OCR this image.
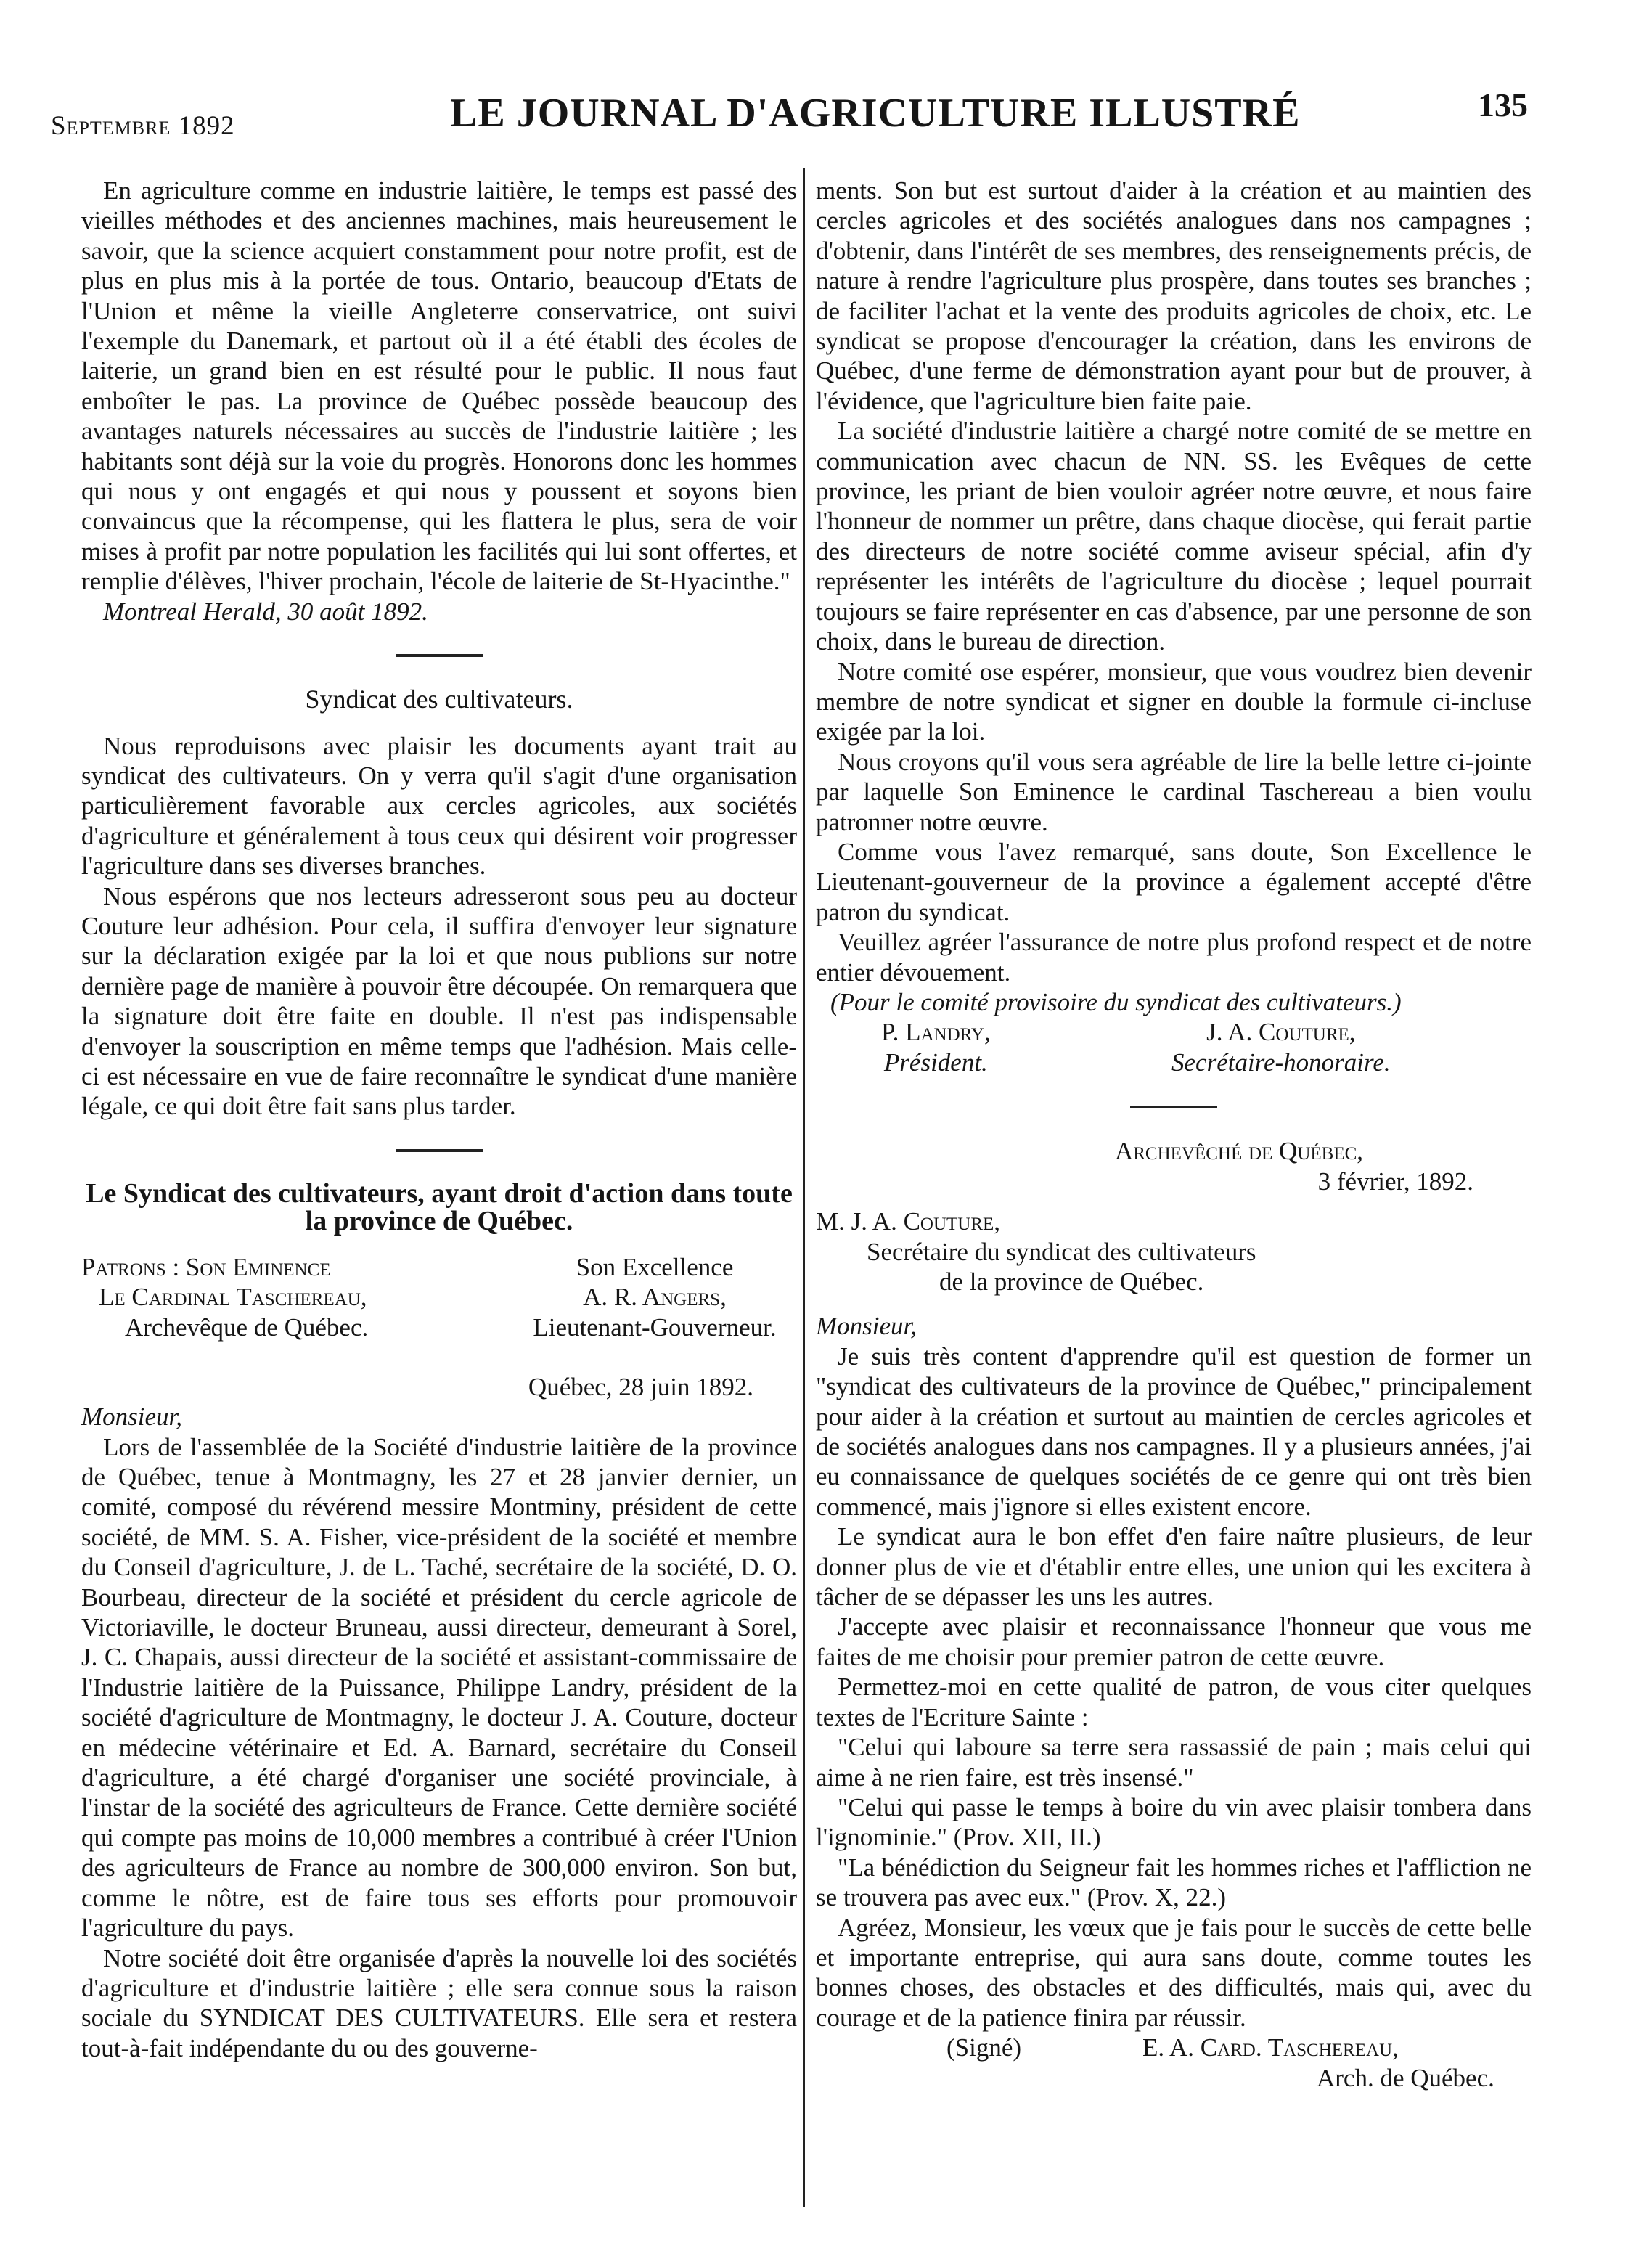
Septembre 1892	LE JOURNAL D'AGRICULTURE ILLUSTRÉ	135

En agriculture comme en industrie laitière, le temps est passé des vieilles méthodes et des anciennes machines, mais heureusement le savoir, que la science acquiert constamment pour notre profit, est de plus en plus mis à la portée de tous. Ontario, beaucoup d'Etats de l'Union et même la vieille Angleterre conservatrice, ont suivi l'exemple du Danemark, et partout où il a été établi des écoles de laiterie, un grand bien en est résulté pour le public. Il nous faut emboîter le pas. La province de Québec possède beaucoup des avantages naturels nécessaires au succès de l'industrie laitière ; les habitants sont déjà sur la voie du progrès. Honorons donc les hommes qui nous y ont engagés et qui nous y poussent et soyons bien convaincus que la récompense, qui les flattera le plus, sera de voir mises à profit par notre population les facilités qui lui sont offertes, et remplie d'élèves, l'hiver prochain, l'école de laiterie de St-Hyacinthe."

Montreal Herald, 30 août 1892.

Syndicat des cultivateurs.

Nous reproduisons avec plaisir les documents ayant trait au syndicat des cultivateurs. On y verra qu'il s'agit d'une organisation particulièrement favorable aux cercles agricoles, aux sociétés d'agriculture et généralement à tous ceux qui désirent voir progresser l'agriculture dans ses diverses branches.

Nous espérons que nos lecteurs adresseront sous peu au docteur Couture leur adhésion. Pour cela, il suffira d'envoyer leur signature sur la déclaration exigée par la loi et que nous publions sur notre dernière page de manière à pouvoir être découpée. On remarquera que la signature doit être faite en double. Il n'est pas indispensable d'envoyer la souscription en même temps que l'adhésion. Mais celle-ci est nécessaire en vue de faire reconnaître le syndicat d'une manière légale, ce qui doit être fait sans plus tarder.

Le Syndicat des cultivateurs, ayant droit d'action dans toute la province de Québec.

Patrons : Son Eminence
Le Cardinal Taschereau,
Archevêque de Québec.
Son Excellence
A. R. Angers,
Lieutenant-Gouverneur.

Québec, 28 juin 1892.

Monsieur,

Lors de l'assemblée de la Société d'industrie laitière de la province de Québec, tenue à Montmagny, les 27 et 28 janvier dernier, un comité, composé du révérend messire Montminy, président de cette société, de MM. S. A. Fisher, vice-président de la société et membre du Conseil d'agriculture, J. de L. Taché, secrétaire de la société, D. O. Bourbeau, directeur de la société et président du cercle agricole de Victoriaville, le docteur Bruneau, aussi directeur, demeurant à Sorel, J. C. Chapais, aussi directeur de la société et assistant-commissaire de l'Industrie laitière de la Puissance, Philippe Landry, président de la société d'agriculture de Montmagny, le docteur J. A. Couture, docteur en médecine vétérinaire et Ed. A. Barnard, secrétaire du Conseil d'agriculture, a été chargé d'organiser une société provinciale, à l'instar de la société des agriculteurs de France. Cette dernière société qui compte pas moins de 10,000 membres a contribué à créer l'Union des agriculteurs de France au nombre de 300,000 environ. Son but, comme le nôtre, est de faire tous ses efforts pour promouvoir l'agriculture du pays.

Notre société doit être organisée d'après la nouvelle loi des sociétés d'agriculture et d'industrie laitière ; elle sera connue sous la raison sociale du SYNDICAT DES CULTIVATEURS. Elle sera et restera tout-à-fait indépendante du ou des gouverne-

ments. Son but est surtout d'aider à la création et au maintien des cercles agricoles et des sociétés analogues dans nos campagnes ; d'obtenir, dans l'intérêt de ses membres, des renseignements précis, de nature à rendre l'agriculture plus prospère, dans toutes ses branches ; de faciliter l'achat et la vente des produits agricoles de choix, etc. Le syndicat se propose d'encourager la création, dans les environs de Québec, d'une ferme de démonstration ayant pour but de prouver, à l'évidence, que l'agriculture bien faite paie.

La société d'industrie laitière a chargé notre comité de se mettre en communication avec chacun de NN. SS. les Evêques de cette province, les priant de bien vouloir agréer notre œuvre, et nous faire l'honneur de nommer un prêtre, dans chaque diocèse, qui ferait partie des directeurs de notre société comme aviseur spécial, afin d'y représenter les intérêts de l'agriculture du diocèse ; lequel pourrait toujours se faire représenter en cas d'absence, par une personne de son choix, dans le bureau de direction.

Notre comité ose espérer, monsieur, que vous voudrez bien devenir membre de notre syndicat et signer en double la formule ci-incluse exigée par la loi.

Nous croyons qu'il vous sera agréable de lire la belle lettre ci-jointe par laquelle Son Eminence le cardinal Taschereau a bien voulu patronner notre œuvre.

Comme vous l'avez remarqué, sans doute, Son Excellence le Lieutenant-gouverneur de la province a également accepté d'être patron du syndicat.

Veuillez agréer l'assurance de notre plus profond respect et de notre entier dévouement.

(Pour le comité provisoire du syndicat des cultivateurs.)

P. Landry,
Président.
J. A. Couture,
Secrétaire-honoraire.

Archevêché de Québec,

3 février, 1892.

M. J. A. Couture,

Secrétaire du syndicat des cultivateurs

de la province de Québec.

Monsieur,

Je suis très content d'apprendre qu'il est question de former un "syndicat des cultivateurs de la province de Québec," principalement pour aider à la création et surtout au maintien de cercles agricoles et de sociétés analogues dans nos campagnes. Il y a plusieurs années, j'ai eu connaissance de quelques sociétés de ce genre qui ont très bien commencé, mais j'ignore si elles existent encore.

Le syndicat aura le bon effet d'en faire naître plusieurs, de leur donner plus de vie et d'établir entre elles, une union qui les excitera à tâcher de se dépasser les uns les autres.

J'accepte avec plaisir et reconnaissance l'honneur que vous me faites de me choisir pour premier patron de cette œuvre.

Permettez-moi en cette qualité de patron, de vous citer quelques textes de l'Ecriture Sainte :

"Celui qui laboure sa terre sera rassassié de pain ; mais celui qui aime à ne rien faire, est très insensé."

"Celui qui passe le temps à boire du vin avec plaisir tombera dans l'ignominie." (Prov. XII, II.)

"La bénédiction du Seigneur fait les hommes riches et l'affliction ne se trouvera pas avec eux." (Prov. X, 22.)

Agréez, Monsieur, les vœux que je fais pour le succès de cette belle et importante entreprise, qui aura sans doute, comme toutes les bonnes choses, des obstacles et des difficultés, mais qui, avec du courage et de la patience finira par réussir.

(Signé)	E. A. Card. Taschereau,
Arch. de Québec.
